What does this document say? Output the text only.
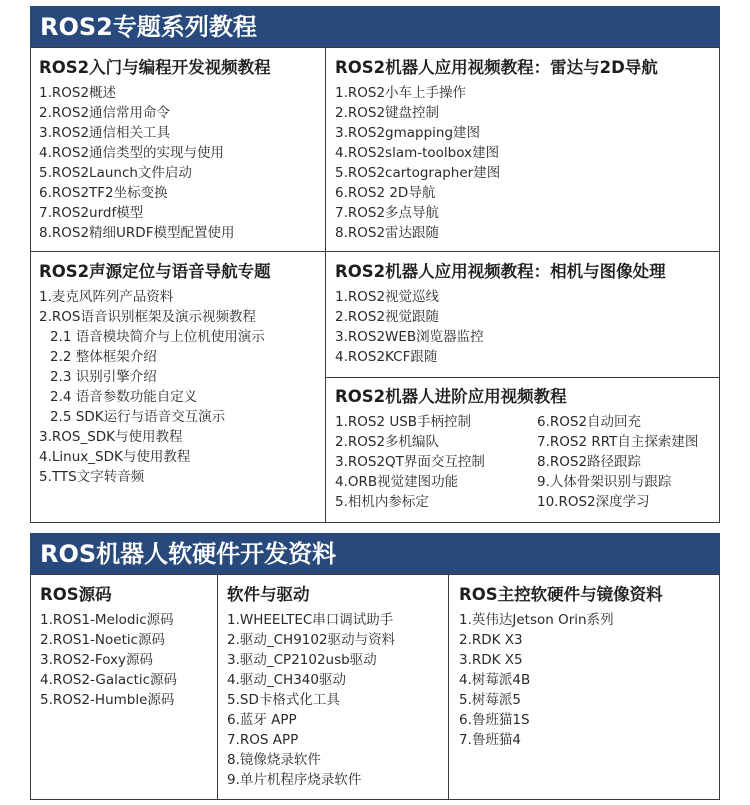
ROS2专题系列教程
ROS2入门与编程开发视频教程
1.ROS2概述
2.ROS2通信常用命令
3.ROS2通信相关工具
4.ROS2通信类型的实现与使用
5.ROS2Launch文件启动
6.ROS2TF2坐标变换
7.ROS2urdf模型
8.ROS2精细URDF模型配置使用
ROS2机器人应用视频教程：雷达与2D导航
1.ROS2小车上手操作
2.ROS2键盘控制
3.ROS2gmapping建图
4.ROS2slam-toolbox建图
5.ROS2cartographer建图
6.ROS2 2D导航
7.ROS2多点导航
8.ROS2雷达跟随
ROS2声源定位与语音导航专题
1.麦克风阵列产品资料
2.ROS语音识别框架及演示视频教程
2.1 语音模块简介与上位机使用演示
2.2 整体框架介绍
2.3 识别引擎介绍
2.4 语音参数功能自定义
2.5 SDK运行与语音交互演示
3.ROS_SDK与使用教程
4.Linux_SDK与使用教程
5.TTS文字转音频
ROS2机器人应用视频教程：相机与图像处理
1.ROS2视觉巡线
2.ROS2视觉跟随
3.ROS2WEB浏览器监控
4.ROS2KCF跟随
ROS2机器人进阶应用视频教程
1.ROS2 USB手柄控制
2.ROS2多机编队
3.ROS2QT界面交互控制
4.ORB视觉建图功能
5.相机内参标定
6.ROS2自动回充
7.ROS2 RRT自主探索建图
8.ROS2路径跟踪
9.人体骨架识别与跟踪
10.ROS2深度学习
ROS机器人软硬件开发资料
ROS源码
1.ROS1-Melodic源码
2.ROS1-Noetic源码
3.ROS2-Foxy源码
4.ROS2-Galactic源码
5.ROS2-Humble源码
软件与驱动
1.WHEELTEC串口调试助手
2.驱动_CH9102驱动与资料
3.驱动_CP2102usb驱动
4.驱动_CH340驱动
5.SD卡格式化工具
6.蓝牙 APP
7.ROS APP
8.镜像烧录软件
9.单片机程序烧录软件
ROS主控软硬件与镜像资料
1.英伟达Jetson Orin系列
2.RDK X3
3.RDK X5
4.树莓派4B
5.树莓派5
6.鲁班猫1S
7.鲁班猫4
